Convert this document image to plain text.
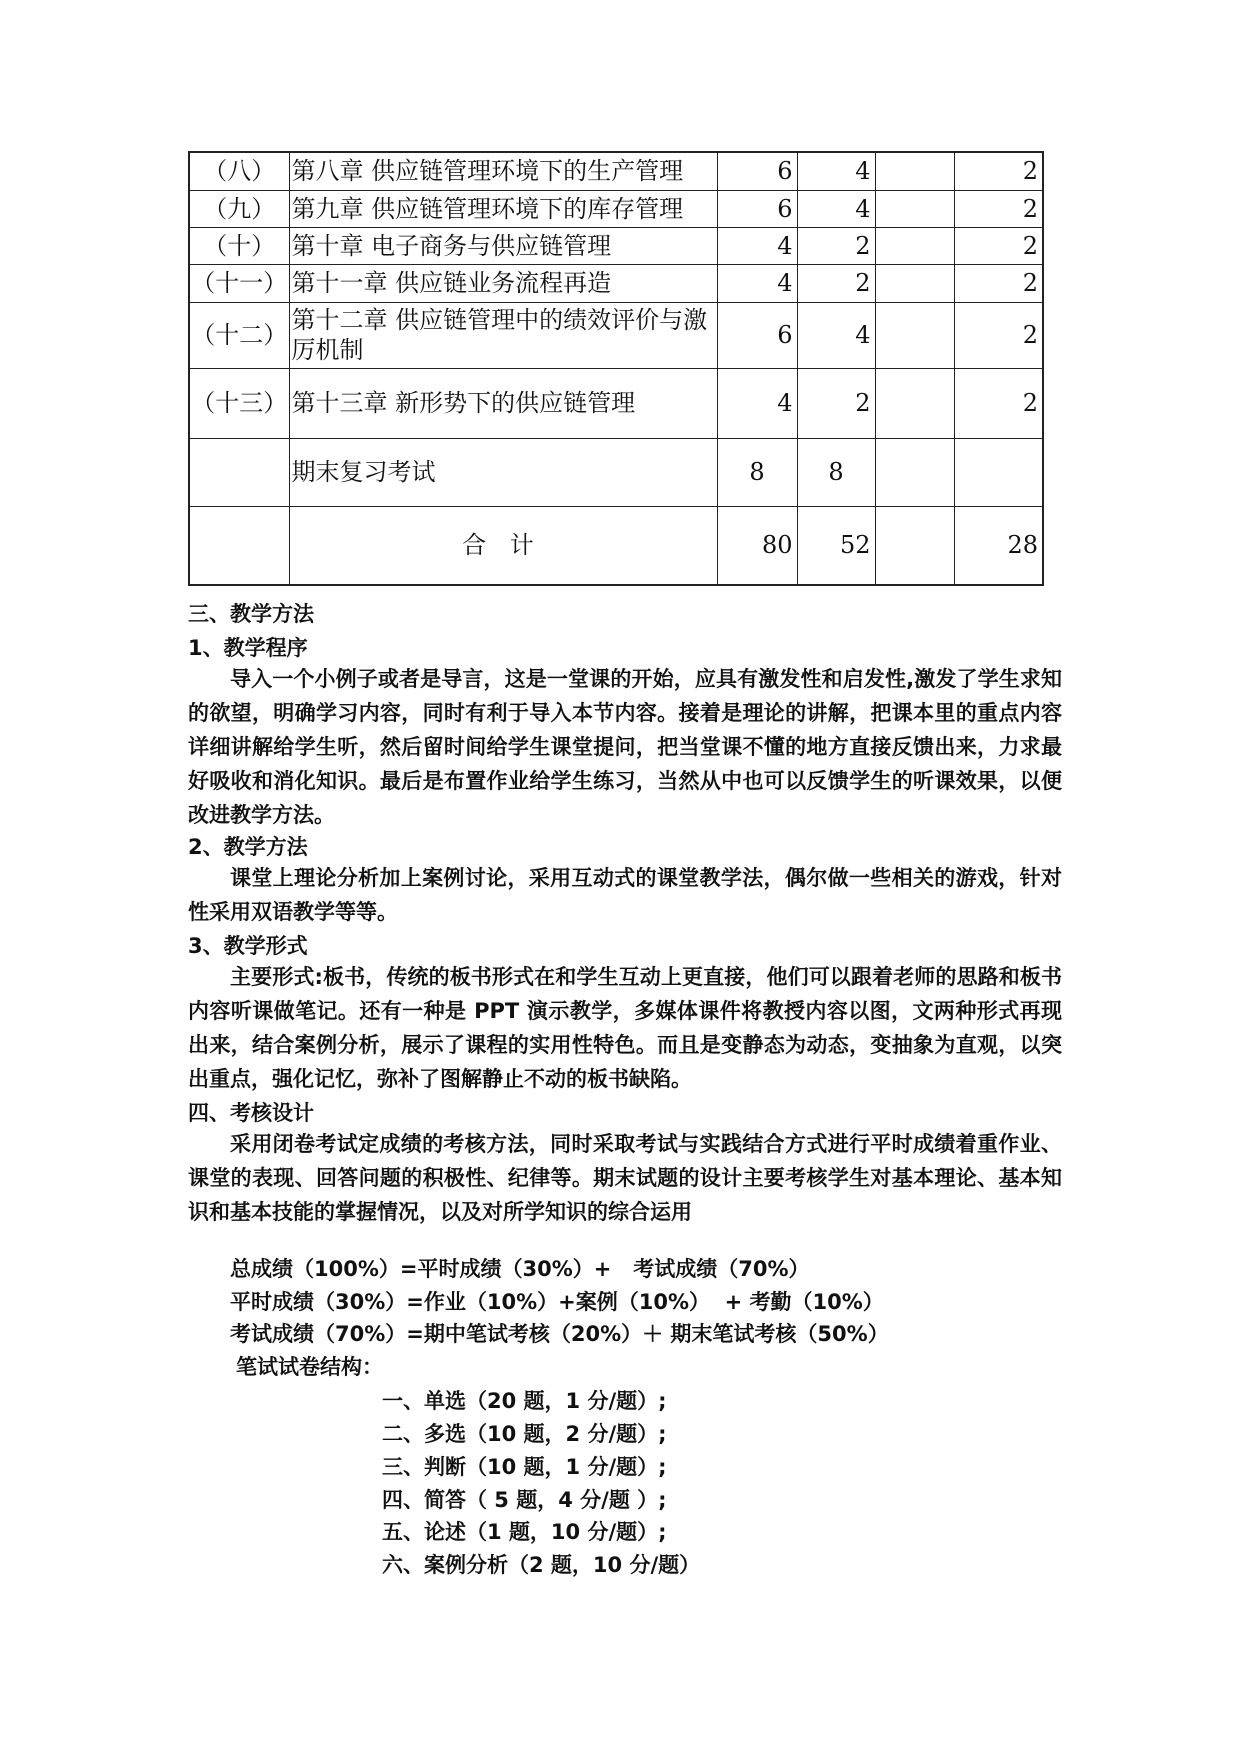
（八）	第八章 供应链管理环境下的生产管理	6	4		2
（九）	第九章 供应链管理环境下的库存管理	6	4		2
（十）	第十章 电子商务与供应链管理	4	2		2
（十一）	第十一章 供应链业务流程再造	4	2		2
（十二）	第十二章 供应链管理中的绩效评价与激厉机制	6	4		2
（十三）	第十三章 新形势下的供应链管理	4	2		2
	期末复习考试	8	8		
	合 计	80	52		28
三、教学方法
1、教学程序
导入一个小例子或者是导言，这是一堂课的开始，应具有激发性和启发性,激发了学生求知的欲望，明确学习内容，同时有利于导入本节内容。接着是理论的讲解，把课本里的重点内容详细讲解给学生听，然后留时间给学生课堂提问，把当堂课不懂的地方直接反馈出来，力求最好吸收和消化知识。最后是布置作业给学生练习，当然从中也可以反馈学生的听课效果，以便改进教学方法。
2、教学方法
课堂上理论分析加上案例讨论，采用互动式的课堂教学法，偶尔做一些相关的游戏，针对性采用双语教学等等。
3、教学形式
主要形式:板书，传统的板书形式在和学生互动上更直接，他们可以跟着老师的思路和板书内容听课做笔记。还有一种是 PPT 演示教学，多媒体课件将教授内容以图，文两种形式再现出来，结合案例分析，展示了课程的实用性特色。而且是变静态为动态，变抽象为直观，以突出重点，强化记忆，弥补了图解静止不动的板书缺陷。
四、考核设计
采用闭卷考试定成绩的考核方法，同时采取考试与实践结合方式进行平时成绩着重作业、课堂的表现、回答问题的积极性、纪律等。期末试题的设计主要考核学生对基本理论、基本知识和基本技能的掌握情况，以及对所学知识的综合运用
总成绩（100%）=平时成绩（30%）+   考试成绩（70%）
平时成绩（30%）=作业（10%）+案例（10%）  + 考勤（10%）
考试成绩（70%）=期中笔试考核（20%）＋ 期末笔试考核（50%）
笔试试卷结构：
一、单选（20 题，1 分/题）;
二、多选（10 题，2 分/题）;
三、判断（10 题，1 分/题）;
四、简答（ 5 题，4 分/题 ）;
五、论述（1 题，10 分/题）;
六、案例分析（2 题，10 分/题）
